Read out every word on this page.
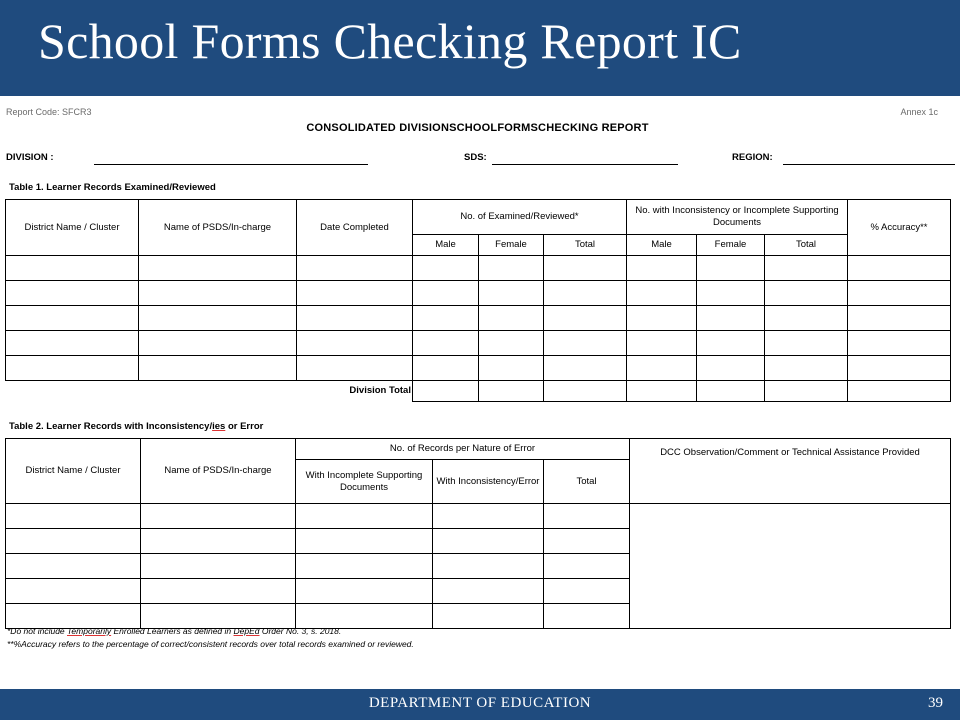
School Forms Checking Report IC
Report Code: SFCR3	Annex 1c
CONSOLIDATED DIVISIONSCHOOLFORMSCHECKING REPORT
DIVISION :	SDS:	REGION:
Table 1. Learner Records Examined/Reviewed
District Name / Cluster	Name of PSDS/In-charge	Date Completed	No. of Examined/Reviewed*			No. with Inconsistency or Incomplete Supporting Documents			% Accuracy**
			Male	Female	Total	Male	Female	Total	

		Division Total							
Table 2. Learner Records with Inconsistency/ies or Error
District Name / Cluster	Name of PSDS/In-charge	No. of Records per Nature of Error			DCC Observation/Comment or Technical Assistance Provided
		With Incomplete Supporting Documents	With Inconsistency/Error	Total	

*Do not include Temporarily Enrolled Learners as defined in DepEd Order No. 3, s. 2018.
**%Accuracy refers to the percentage of correct/consistent records over total records examined or reviewed.
DEPARTMENT OF EDUCATION	39
